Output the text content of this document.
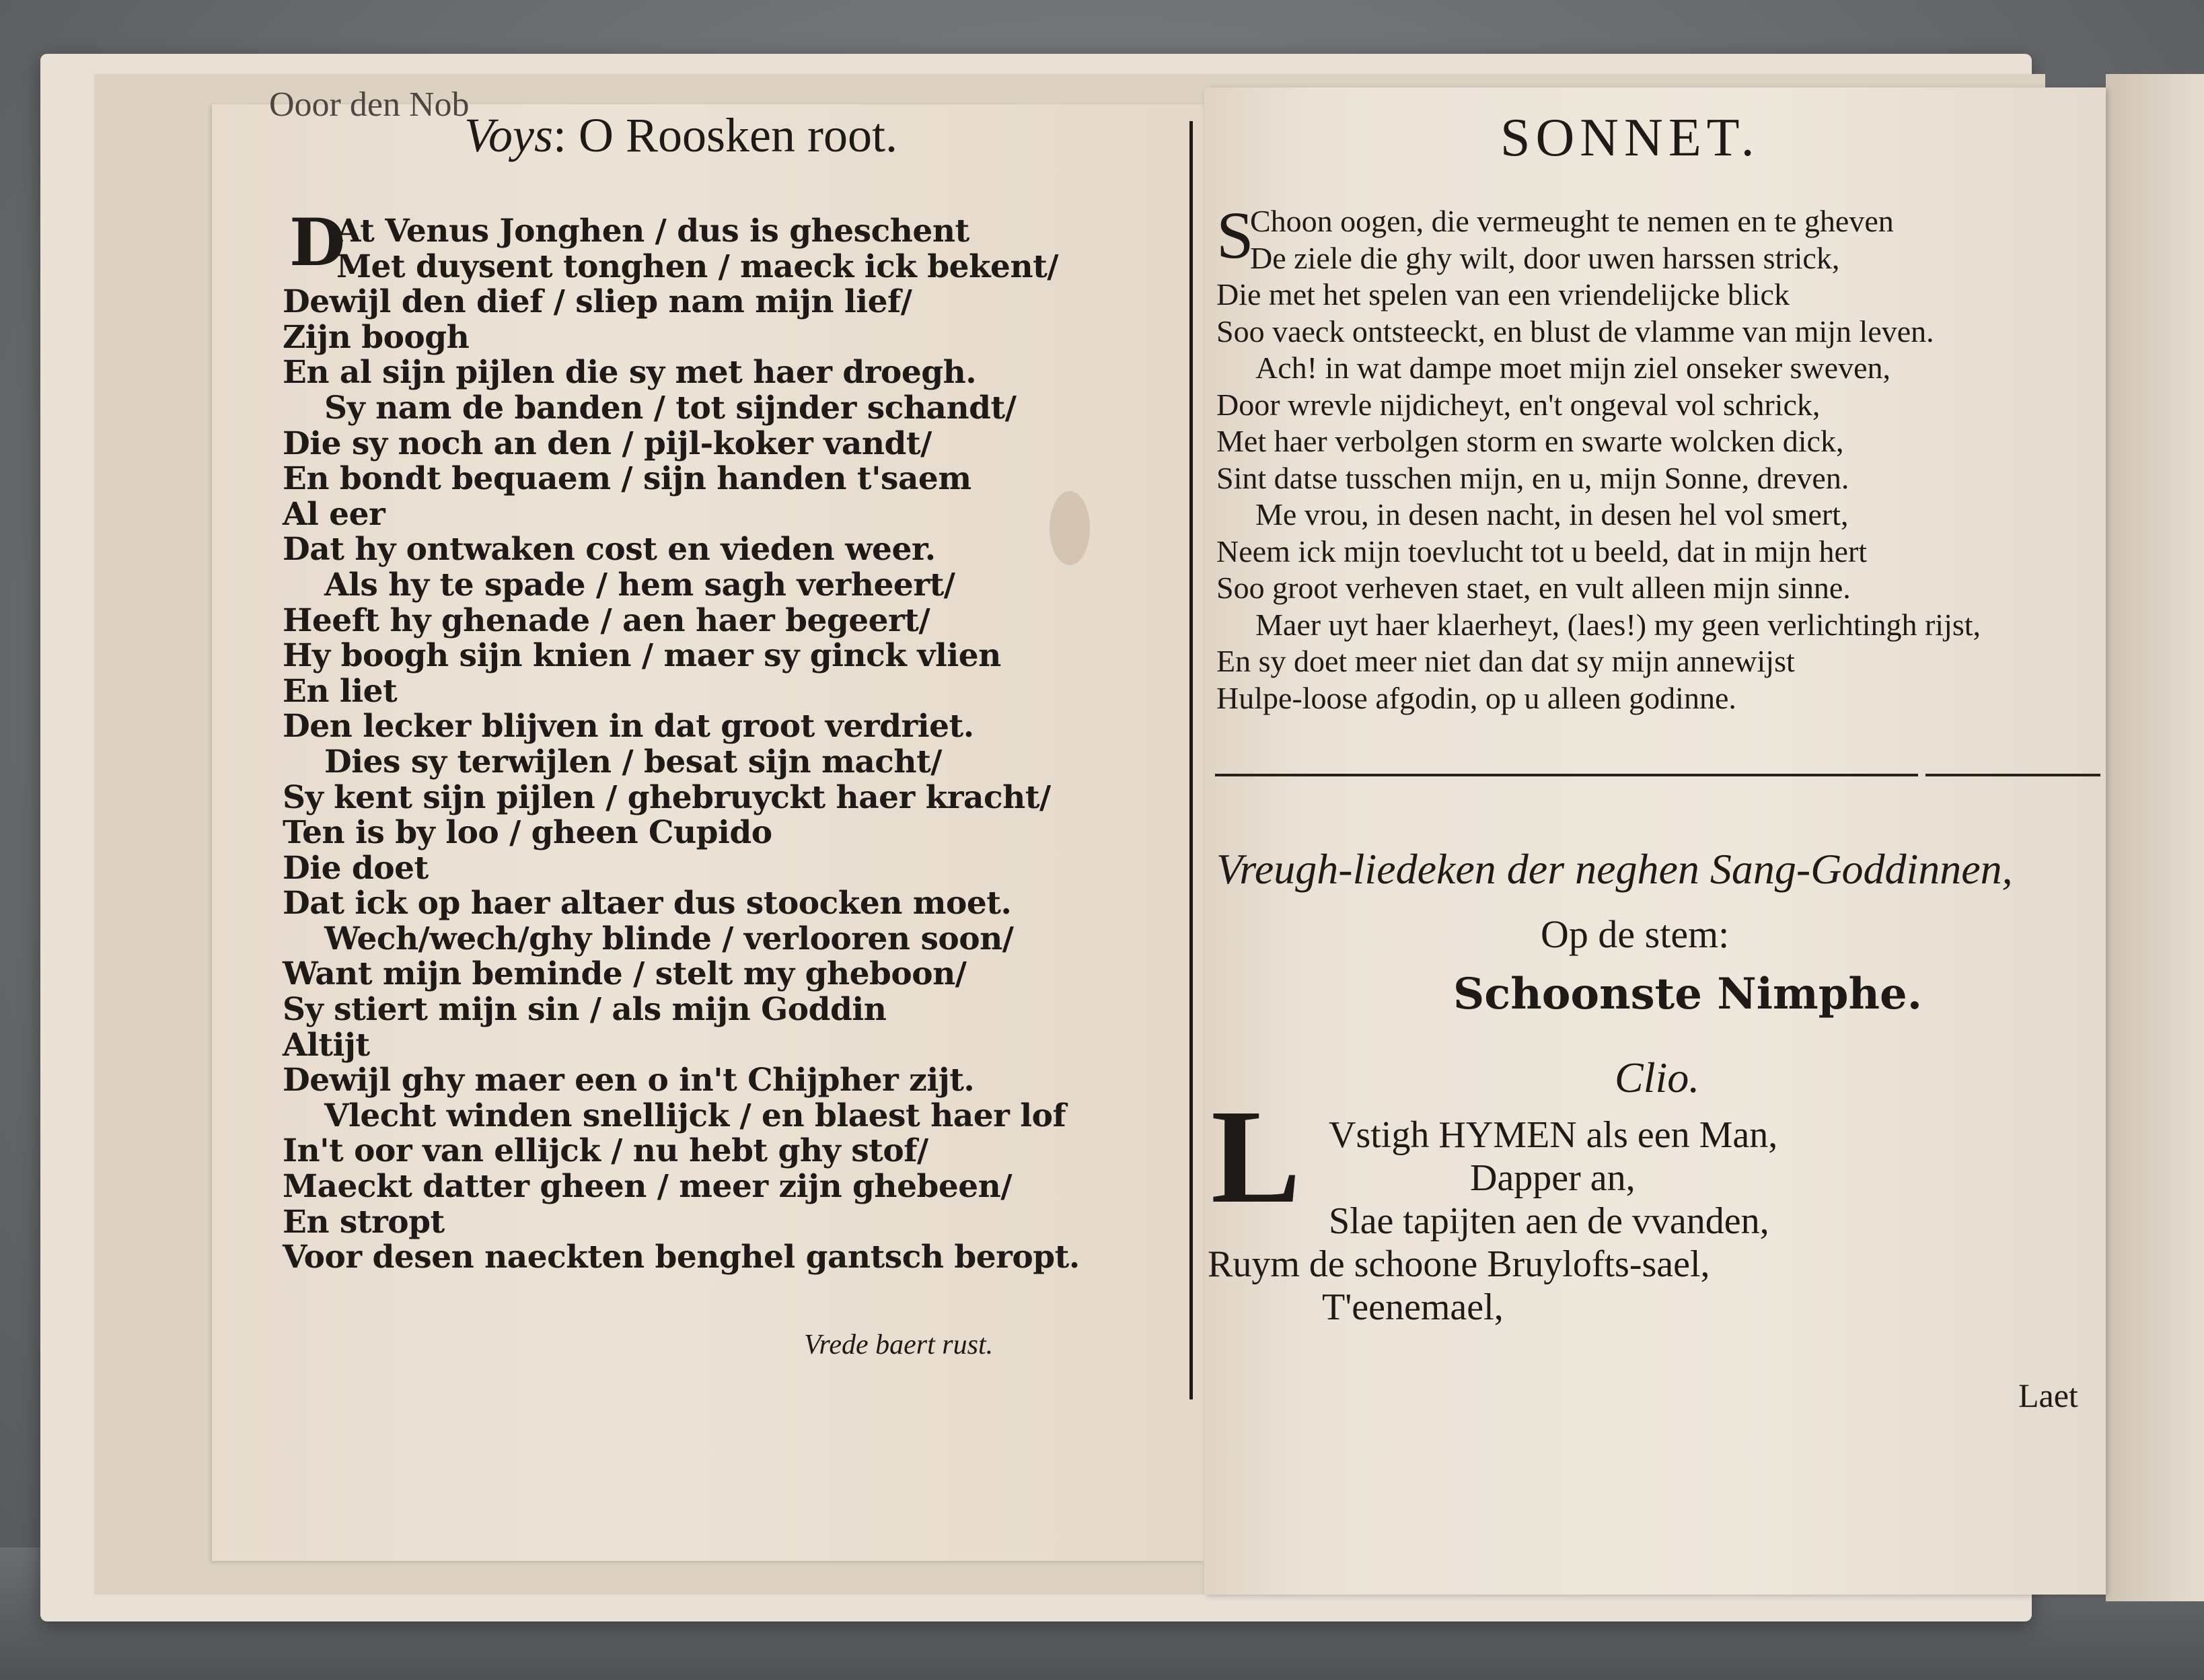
Ooor den Nob
Voys: O Roosken root.
D
At Venus Jonghen / dus is gheschent
Met duysent tonghen / maeck ick bekent/
Dewijl den dief / sliep nam mijn lief/
Zijn boogh
En al sijn pijlen die sy met haer droegh.
Sy nam de banden / tot sijnder schandt/
Die sy noch an den / pijl-koker vandt/
En bondt bequaem / sijn handen t'saem
Al eer
Dat hy ontwaken cost en vieden weer.
Als hy te spade / hem sagh verheert/
Heeft hy ghenade / aen haer begeert/
Hy boogh sijn knien / maer sy ginck vlien
En liet
Den lecker blijven in dat groot verdriet.
Dies sy terwijlen / besat sijn macht/
Sy kent sijn pijlen / ghebruyckt haer kracht/
Ten is by loo / gheen Cupido
Die doet
Dat ick op haer altaer dus stoocken moet.
Wech/wech/ghy blinde / verlooren soon/
Want mijn beminde / stelt my gheboon/
Sy stiert mijn sin / als mijn Goddin
Altijt
Dewijl ghy maer een o in't Chijpher zijt.
Vlecht winden snellijck / en blaest haer lof
In't oor van ellijck / nu hebt ghy stof/
Maeckt datter gheen / meer zijn ghebeen/
En stropt
Voor desen naeckten benghel gantsch beropt.
Vrede baert rust.
SONNET.
S
Choon oogen, die vermeught te nemen en te gheven
De ziele die ghy wilt, door uwen harssen strick,
Die met het spelen van een vriendelijcke blick
Soo vaeck ontsteeckt, en blust de vlamme van mijn leven.
Ach! in wat dampe moet mijn ziel onseker sweven,
Door wrevle nijdicheyt, en't ongeval vol schrick,
Met haer verbolgen storm en swarte wolcken dick,
Sint datse tusschen mijn, en u, mijn Sonne, dreven.
Me vrou, in desen nacht, in desen hel vol smert,
Neem ick mijn toevlucht tot u beeld, dat in mijn hert
Soo groot verheven staet, en vult alleen mijn sinne.
Maer uyt haer klaerheyt, (laes!) my geen verlichtingh rijst,
En sy doet meer niet dan dat sy mijn annewijst
Hulpe-loose afgodin, op u alleen godinne.
Vreugh-liedeken der neghen Sang-Goddinnen,
Op de stem:
Schoonste Nimphe.
Clio.
L Vstigh HYMEN als een Man,
Dapper an,
Slae tapijten aen de vvanden,
Ruym de schoone Bruylofts-sael,
T'eenemael,
Laet
